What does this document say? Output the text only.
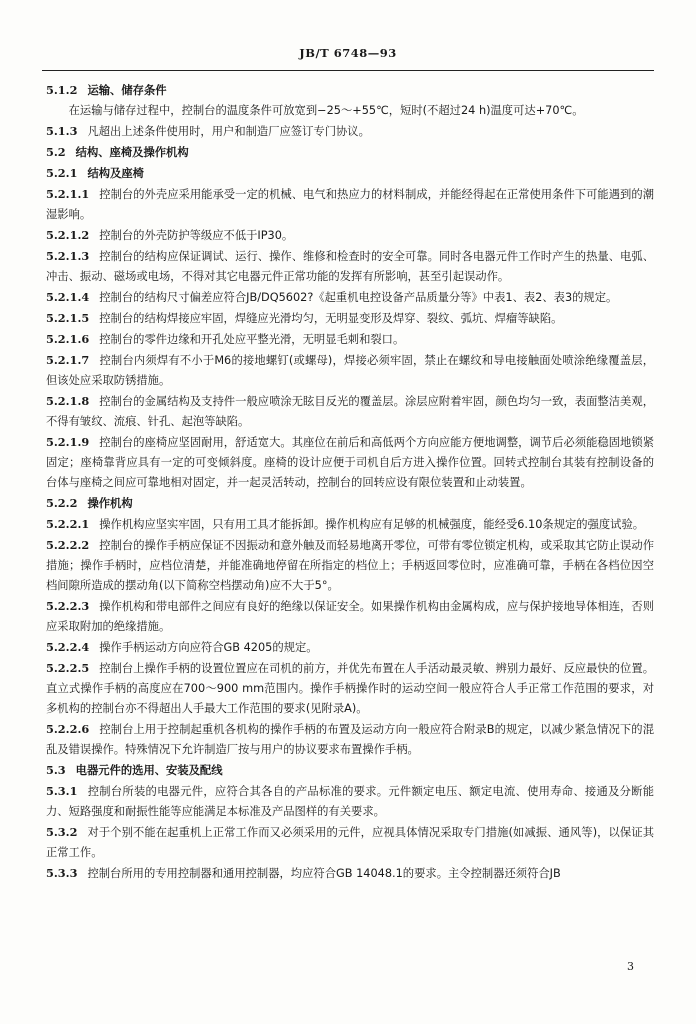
JB/T 6748—93

5.1.2 运输、储存条件

在运输与储存过程中，控制台的温度条件可放宽到−25～+55℃，短时(不超过24 h)温度可达+70℃。

5.1.3 凡超出上述条件使用时，用户和制造厂应签订专门协议。

5.2 结构、座椅及操作机构

5.2.1 结构及座椅

5.2.1.1 控制台的外壳应采用能承受一定的机械、电气和热应力的材料制成，并能经得起在正常使用条件下可能遇到的潮湿影响。

5.2.1.2 控制台的外壳防护等级应不低于IP30。

5.2.1.3 控制台的结构应保证调试、运行、操作、维修和检查时的安全可靠。同时各电器元件工作时产生的热量、电弧、冲击、振动、磁场或电场，不得对其它电器元件正常功能的发挥有所影响，甚至引起误动作。

5.2.1.4 控制台的结构尺寸偏差应符合JB/DQ5602?《起重机电控设备产品质量分等》中表1、表2、表3的规定。

5.2.1.5 控制台的结构焊接应牢固，焊缝应光滑均匀，无明显变形及焊穿、裂纹、弧坑、焊瘤等缺陷。

5.2.1.6 控制台的零件边缘和开孔处应平整光滑，无明显毛刺和裂口。

5.2.1.7 控制台内须焊有不小于M6的接地螺钉(或螺母)，焊接必须牢固，禁止在螺纹和导电接触面处喷涂绝缘覆盖层，但该处应采取防锈措施。

5.2.1.8 控制台的金属结构及支持件一般应喷涂无眩目反光的覆盖层。涂层应附着牢固，颜色均匀一致，表面整洁美观，不得有皱纹、流痕、针孔、起泡等缺陷。

5.2.1.9 控制台的座椅应坚固耐用，舒适宽大。其座位在前后和高低两个方向应能方便地调整，调节后必须能稳固地锁紧固定；座椅靠背应具有一定的可变倾斜度。座椅的设计应便于司机自后方进入操作位置。回转式控制台其装有控制设备的台体与座椅之间应可靠地相对固定，并一起灵活转动，控制台的回转应设有限位装置和止动装置。

5.2.2 操作机构

5.2.2.1 操作机构应坚实牢固，只有用工具才能拆卸。操作机构应有足够的机械强度，能经受6.10条规定的强度试验。

5.2.2.2 控制台的操作手柄应保证不因振动和意外触及而轻易地离开零位，可带有零位锁定机构，或采取其它防止误动作措施；操作手柄时，应档位清楚，并能准确地停留在所指定的档位上；手柄返回零位时，应准确可靠，手柄在各档位因空档间隙所造成的摆动角(以下简称空档摆动角)应不大于5°。

5.2.2.3 操作机构和带电部件之间应有良好的绝缘以保证安全。如果操作机构由金属构成，应与保护接地导体相连，否则应采取附加的绝缘措施。

5.2.2.4 操作手柄运动方向应符合GB 4205的规定。

5.2.2.5 控制台上操作手柄的设置位置应在司机的前方，并优先布置在人手活动最灵敏、辨别力最好、反应最快的位置。直立式操作手柄的高度应在700～900 mm范围内。操作手柄操作时的运动空间一般应符合人手正常工作范围的要求，对多机构的控制台亦不得超出人手最大工作范围的要求(见附录A)。

5.2.2.6 控制台上用于控制起重机各机构的操作手柄的布置及运动方向一般应符合附录B的规定，以减少紧急情况下的混乱及错误操作。特殊情况下允许制造厂按与用户的协议要求布置操作手柄。

5.3 电器元件的选用、安装及配线

5.3.1 控制台所装的电器元件，应符合其各自的产品标准的要求。元件额定电压、额定电流、使用寿命、接通及分断能力、短路强度和耐振性能等应能满足本标准及产品图样的有关要求。

5.3.2 对于个别不能在起重机上正常工作而又必须采用的元件，应视具体情况采取专门措施(如减振、通风等)，以保证其正常工作。

5.3.3 控制台所用的专用控制器和通用控制器，均应符合GB 14048.1的要求。主令控制器还须符合JB

3
